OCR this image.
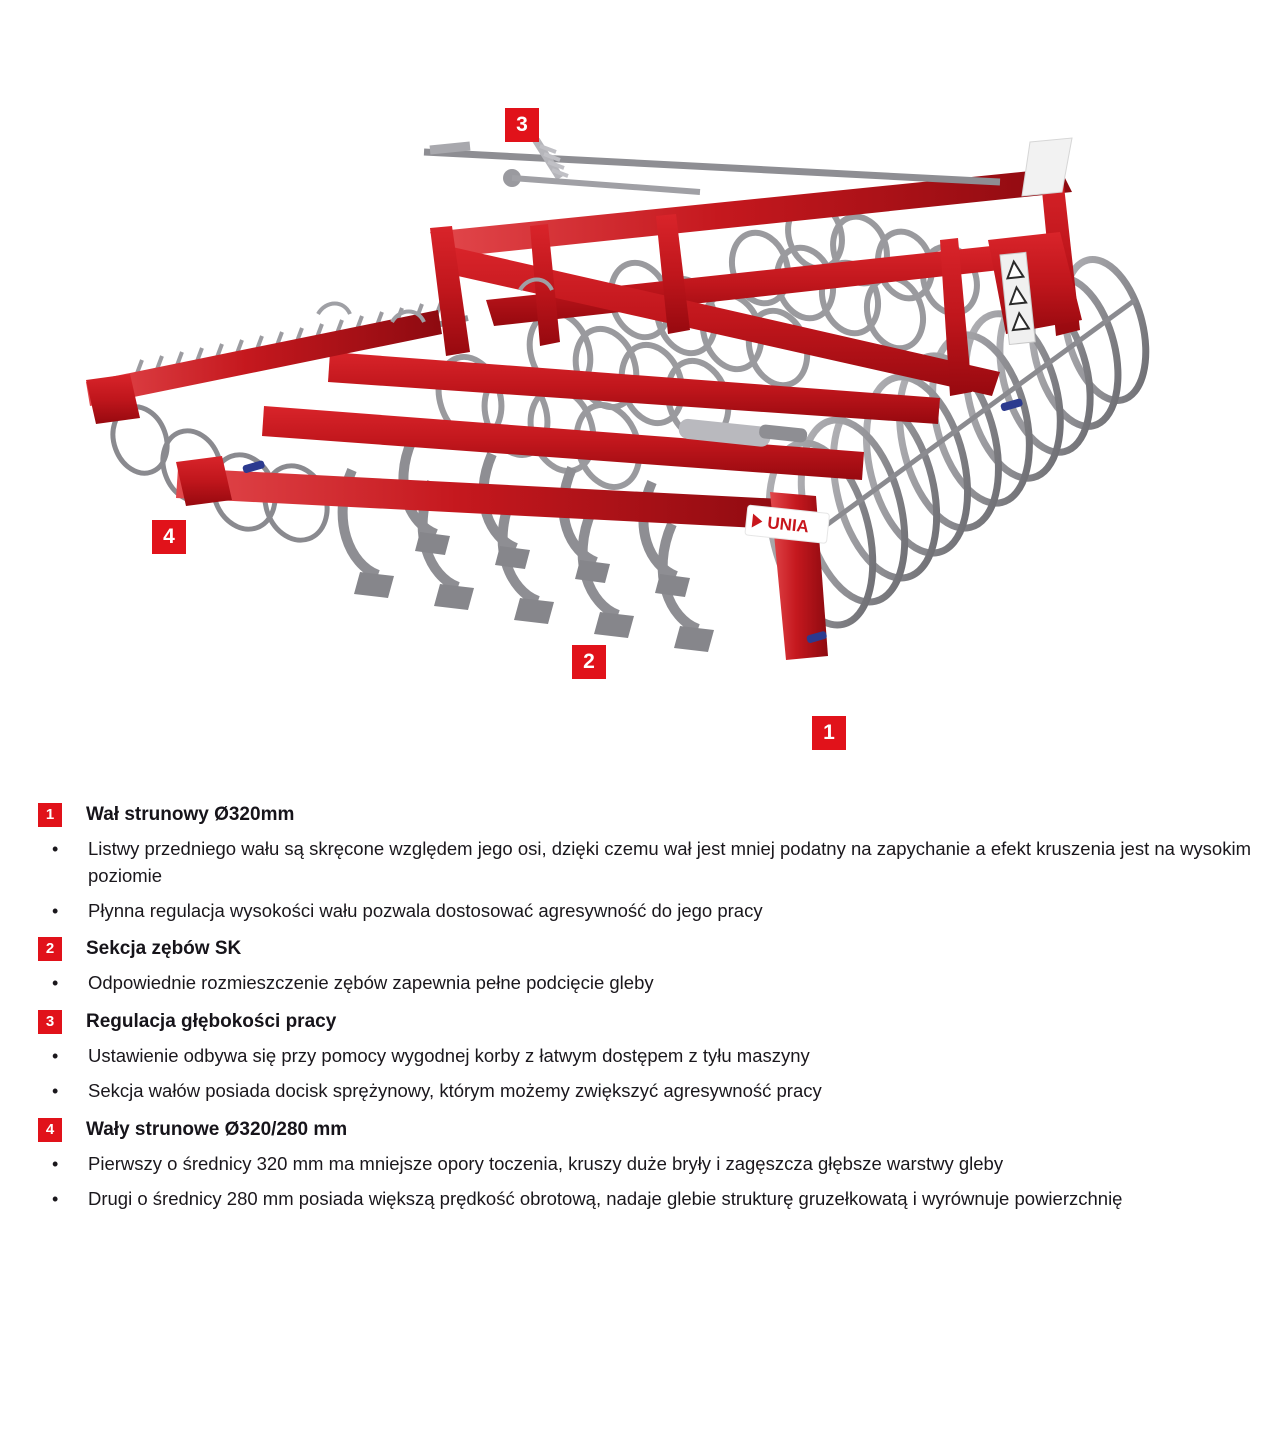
UNIA
3
4
2
1
1	Wał strunowy Ø320mm
• Listwy przedniego wału są skręcone względem jego osi, dzięki czemu wał jest mniej podatny na zapychanie a efekt kruszenia jest na wysokim poziomie
• Płynna regulacja wysokości wału pozwala dostosować agresywność do jego pracy
2	Sekcja zębów SK
• Odpowiednie rozmieszczenie zębów zapewnia pełne podcięcie gleby
3	Regulacja głębokości pracy
• Ustawienie odbywa się przy pomocy wygodnej korby z łatwym dostępem z tyłu maszyny
• Sekcja wałów posiada docisk sprężynowy, którym możemy zwiększyć agresywność pracy
4	Wały strunowe Ø320/280 mm
• Pierwszy o średnicy 320 mm ma mniejsze opory toczenia, kruszy duże bryły i zagęszcza głębsze warstwy gleby
• Drugi o średnicy 280 mm posiada większą prędkość obrotową, nadaje glebie strukturę gruzełkowatą i wyrównuje powierzchnię
